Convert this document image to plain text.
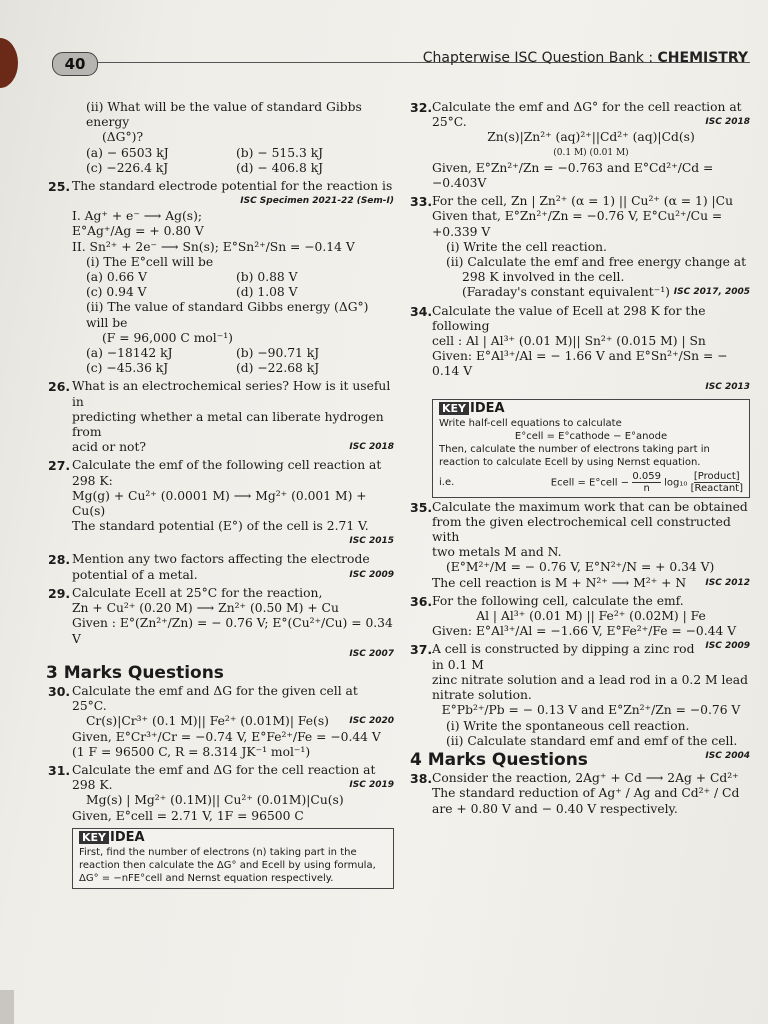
40	Chapterwise ISC Question Bank : CHEMISTRY
(ii) What will be the value of standard Gibbs energy
(ΔG°)?
(a) − 6503 kJ	(b) − 515.3 kJ
(c) −226.4 kJ	(d) − 406.8 kJ
25. The standard electrode potential for the reaction is
ISC Specimen 2021-22 (Sem-I)
I. Ag⁺ + e⁻ ⟶ Ag(s); E°Ag⁺/Ag = + 0.80 V
II. Sn²⁺ + 2e⁻ ⟶ Sn(s); E°Sn²⁺/Sn = −0.14 V
(i) The E°cell will be
(a) 0.66 V	(b) 0.88 V
(c) 0.94 V	(d) 1.08 V
(ii) The value of standard Gibbs energy (ΔG°) will be
(F = 96,000 C mol⁻¹)
(a) −18142 kJ	(b) −90.71 kJ
(c) −45.36 kJ	(d) −22.68 kJ
26. What is an electrochemical series? How is it useful in
predicting whether a metal can liberate hydrogen from
acid or not?	ISC 2018
27. Calculate the emf of the following cell reaction at 298 K:
Mg(g) + Cu²⁺ (0.0001 M) ⟶ Mg²⁺ (0.001 M) + Cu(s)
The standard potential (E°) of the cell is 2.71 V.
ISC 2015
28. Mention any two factors affecting the electrode
potential of a metal.	ISC 2009
29. Calculate Ecell at 25°C for the reaction,
Zn + Cu²⁺ (0.20 M) ⟶ Zn²⁺ (0.50 M) + Cu
Given : E°(Zn²⁺/Zn) = − 0.76 V; E°(Cu²⁺/Cu) = 0.34 V
ISC 2007
3 Marks Questions
30. Calculate the emf and ΔG for the given cell at 25°C.
Cr(s)|Cr³⁺ (0.1 M)|| Fe²⁺ (0.01M)| Fe(s) ISC 2020
Given, E°Cr³⁺/Cr = −0.74 V, E°Fe²⁺/Fe = −0.44 V
(1 F = 96500 C, R = 8.314 JK⁻¹ mol⁻¹)
31. Calculate the emf and ΔG for the cell reaction at
298 K.	ISC 2019
Mg(s) | Mg²⁺ (0.1M)|| Cu²⁺ (0.01M)|Cu(s)
Given, E°cell = 2.71 V, 1F = 96500 C
KEY IDEA
First, find the number of electrons (n) taking part in the
reaction then calculate the ΔG° and Ecell by using formula,
ΔG° = −nFE°cell and Nernst equation respectively.
32. Calculate the emf and ΔG° for the cell reaction at
25°C.	ISC 2018
Zn(s)|Zn²⁺ (aq)²⁺||Cd²⁺ (aq)|Cd(s)
(0.1 M) (0.01 M)
Given, E°Zn²⁺/Zn = −0.763 and E°Cd²⁺/Cd = −0.403V
33. For the cell, Zn | Zn²⁺ (α = 1) || Cu²⁺ (α = 1) |Cu
Given that, E°Zn²⁺/Zn = −0.76 V, E°Cu²⁺/Cu = +0.339 V
(i) Write the cell reaction.
(ii) Calculate the emf and free energy change at
298 K involved in the cell.
(Faraday's constant equivalent⁻¹) ISC 2017, 2005
34. Calculate the value of Ecell at 298 K for the following
cell : Al | Al³⁺ (0.01 M)|| Sn²⁺ (0.015 M) | Sn
Given: E°Al³⁺/Al = − 1.66 V and E°Sn²⁺/Sn = − 0.14 V
ISC 2013
KEY IDEA
Write half-cell equations to calculate
E°cell = E°cathode − E°anode
Then, calculate the number of electrons taking part in
reaction to calculate Ecell by using Nernst equation.
i.e.	Ecell = E°cell − $\frac{0.059}{n} \log_{10} \frac{\text{[Product]}}{\text{[Reactant]}}$
35. Calculate the maximum work that can be obtained
from the given electrochemical cell constructed with
two metals M and N.
(E°M²⁺/M = − 0.76 V, E°N²⁺/N = + 0.34 V)
The cell reaction is M + N²⁺ ⟶ M²⁺ + N ISC 2012
36. For the following cell, calculate the emf.
Al | Al³⁺ (0.01 M) || Fe²⁺ (0.02M) | Fe
Given: E°Al³⁺/Al = −1.66 V, E°Fe²⁺/Fe = −0.44 V
ISC 2009
37. A cell is constructed by dipping a zinc rod in 0.1 M
zinc nitrate solution and a lead rod in a 0.2 M lead
nitrate solution.
E°Pb²⁺/Pb = − 0.13 V and E°Zn²⁺/Zn = −0.76 V
(i) Write the spontaneous cell reaction.
(ii) Calculate standard emf and emf of the cell.
ISC 2004
4 Marks Questions
38. Consider the reaction, 2Ag⁺ + Cd ⟶ 2Ag + Cd²⁺
The standard reduction of Ag⁺ / Ag and Cd²⁺ / Cd
are + 0.80 V and − 0.40 V respectively.
